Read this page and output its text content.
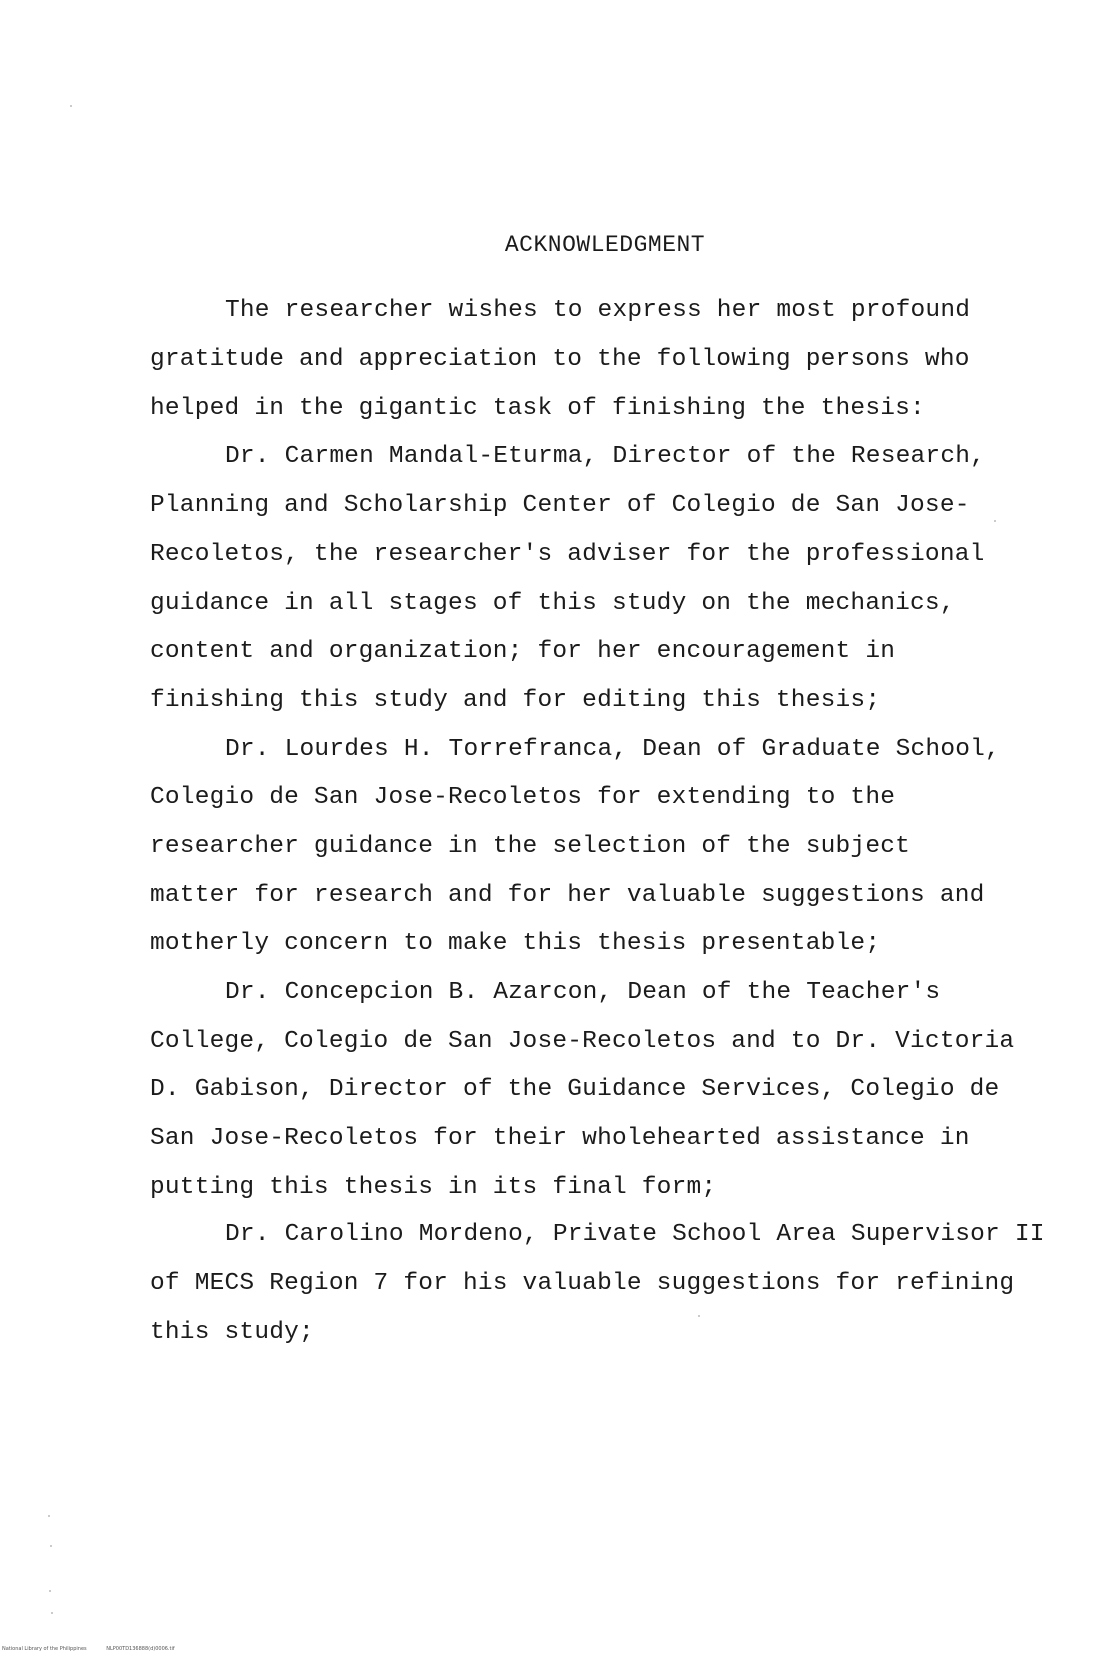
ACKNOWLEDGMENT
The researcher wishes to express her most profound
gratitude and appreciation to the following persons who
helped in the gigantic task of finishing the thesis:
Dr. Carmen Mandal-Eturma, Director of the Research,
Planning and Scholarship Center of Colegio de San Jose-
Recoletos, the researcher's adviser for the professional
guidance in all stages of this study on the mechanics,
content and organization; for her encouragement in
finishing this study and for editing this thesis;
Dr. Lourdes H. Torrefranca, Dean of Graduate School,
Colegio de San Jose-Recoletos for extending to the
researcher guidance in the selection of the subject
matter for research and for her valuable suggestions and
motherly concern to make this thesis presentable;
Dr. Concepcion B. Azarcon, Dean of the Teacher's
College, Colegio de San Jose-Recoletos and to Dr. Victoria
D. Gabison, Director of the Guidance Services, Colegio de
San Jose-Recoletos for their wholehearted assistance in
putting this thesis in its final form;
Dr. Carolino Mordeno, Private School Area Supervisor II
of MECS Region 7 for his valuable suggestions for refining
this study;
National Library of the Philippines	NLP00TD136888(d)0006.tif
